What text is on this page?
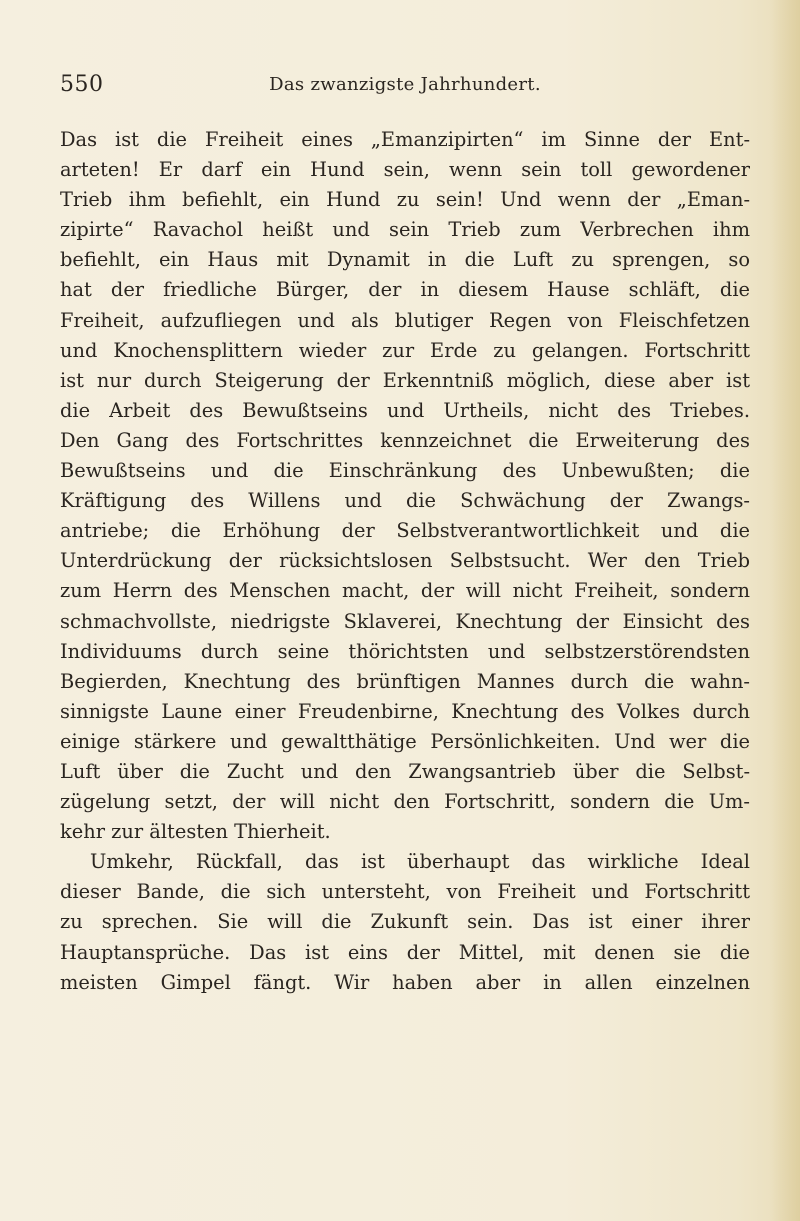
550	Das zwanzigste Jahrhundert.
Das ist die Freiheit eines „Emanzipirten“ im Sinne der Ent-
arteten! Er darf ein Hund sein, wenn sein toll gewordener
Trieb ihm befiehlt, ein Hund zu sein! Und wenn der „Eman-
zipirte“ Ravachol heißt und sein Trieb zum Verbrechen ihm
befiehlt, ein Haus mit Dynamit in die Luft zu sprengen, so
hat der friedliche Bürger, der in diesem Hause schläft, die
Freiheit, aufzufliegen und als blutiger Regen von Fleischfetzen
und Knochensplittern wieder zur Erde zu gelangen. Fortschritt
ist nur durch Steigerung der Erkenntniß möglich, diese aber ist
die Arbeit des Bewußtseins und Urtheils, nicht des Triebes.
Den Gang des Fortschrittes kennzeichnet die Erweiterung des
Bewußtseins und die Einschränkung des Unbewußten; die
Kräftigung des Willens und die Schwächung der Zwangs-
antriebe; die Erhöhung der Selbstverantwortlichkeit und die
Unterdrückung der rücksichtslosen Selbstsucht. Wer den Trieb
zum Herrn des Menschen macht, der will nicht Freiheit, sondern
schmachvollste, niedrigste Sklaverei, Knechtung der Einsicht des
Individuums durch seine thörichtsten und selbstzerstörendsten
Begierden, Knechtung des brünftigen Mannes durch die wahn-
sinnigste Laune einer Freudenbirne, Knechtung des Volkes durch
einige stärkere und gewaltthätige Persönlichkeiten. Und wer die
Luft über die Zucht und den Zwangsantrieb über die Selbst-
zügelung setzt, der will nicht den Fortschritt, sondern die Um-
kehr zur ältesten Thierheit.
Umkehr, Rückfall, das ist überhaupt das wirkliche Ideal
dieser Bande, die sich untersteht, von Freiheit und Fortschritt
zu sprechen. Sie will die Zukunft sein. Das ist einer ihrer
Hauptansprüche. Das ist eins der Mittel, mit denen sie die
meisten Gimpel fängt. Wir haben aber in allen einzelnen
